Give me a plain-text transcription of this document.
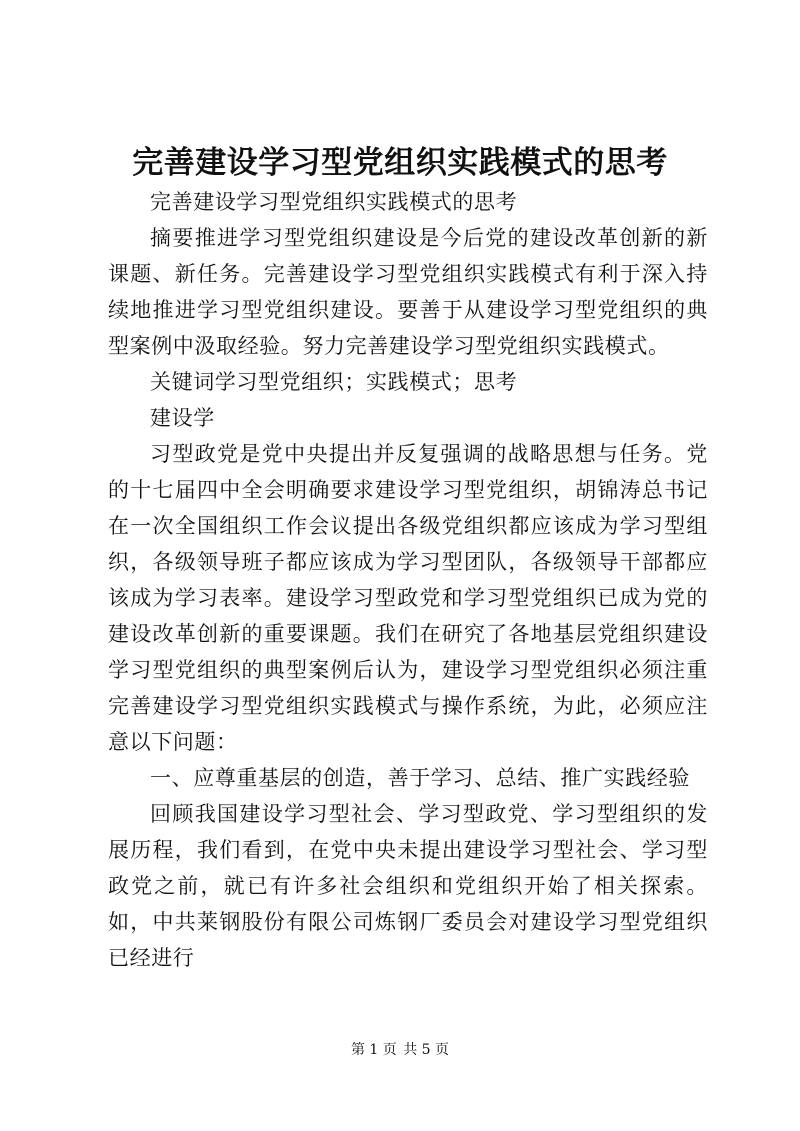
完善建设学习型党组织实践模式的思考

完善建设学习型党组织实践模式的思考

摘要推进学习型党组织建设是今后党的建设改革创新的新课题、新任务。完善建设学习型党组织实践模式有利于深入持续地推进学习型党组织建设。要善于从建设学习型党组织的典型案例中汲取经验。努力完善建设学习型党组织实践模式。

关键词学习型党组织；实践模式；思考

建设学

习型政党是党中央提出并反复强调的战略思想与任务。党的十七届四中全会明确要求建设学习型党组织，胡锦涛总书记在一次全国组织工作会议提出各级党组织都应该成为学习型组织，各级领导班子都应该成为学习型团队，各级领导干部都应该成为学习表率。建设学习型政党和学习型党组织已成为党的建设改革创新的重要课题。我们在研究了各地基层党组织建设学习型党组织的典型案例后认为，建设学习型党组织必须注重完善建设学习型党组织实践模式与操作系统，为此，必须应注意以下问题：

一、应尊重基层的创造，善于学习、总结、推广实践经验

回顾我国建设学习型社会、学习型政党、学习型组织的发展历程，我们看到，在党中央未提出建设学习型社会、学习型政党之前，就已有许多社会组织和党组织开始了相关探索。如，中共莱钢股份有限公司炼钢厂委员会对建设学习型党组织已经进行

第 1 页 共 5 页
